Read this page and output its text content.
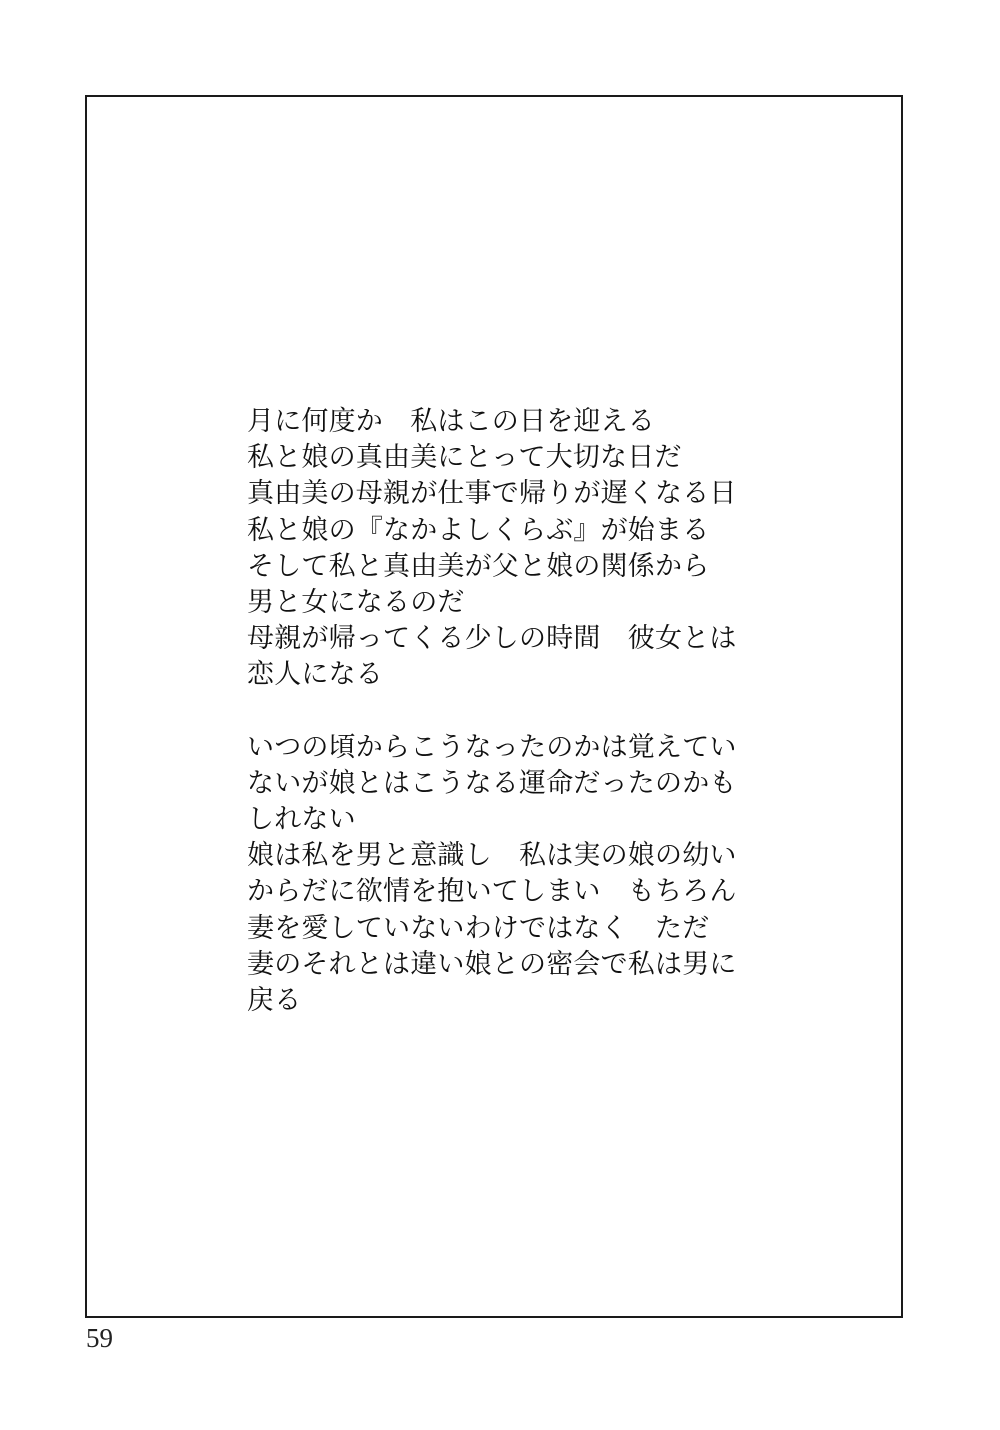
月に何度か　私はこの日を迎える
私と娘の真由美にとって大切な日だ
真由美の母親が仕事で帰りが遅くなる日
私と娘の『なかよしくらぶ』が始まる
そして私と真由美が父と娘の関係から
男と女になるのだ
母親が帰ってくる少しの時間　彼女とは
恋人になる

いつの頃からこうなったのかは覚えてい
ないが娘とはこうなる運命だったのかも
しれない
娘は私を男と意識し　私は実の娘の幼い
からだに欲情を抱いてしまい　もちろん
妻を愛していないわけではなく　ただ
妻のそれとは違い娘との密会で私は男に
戻る

59
